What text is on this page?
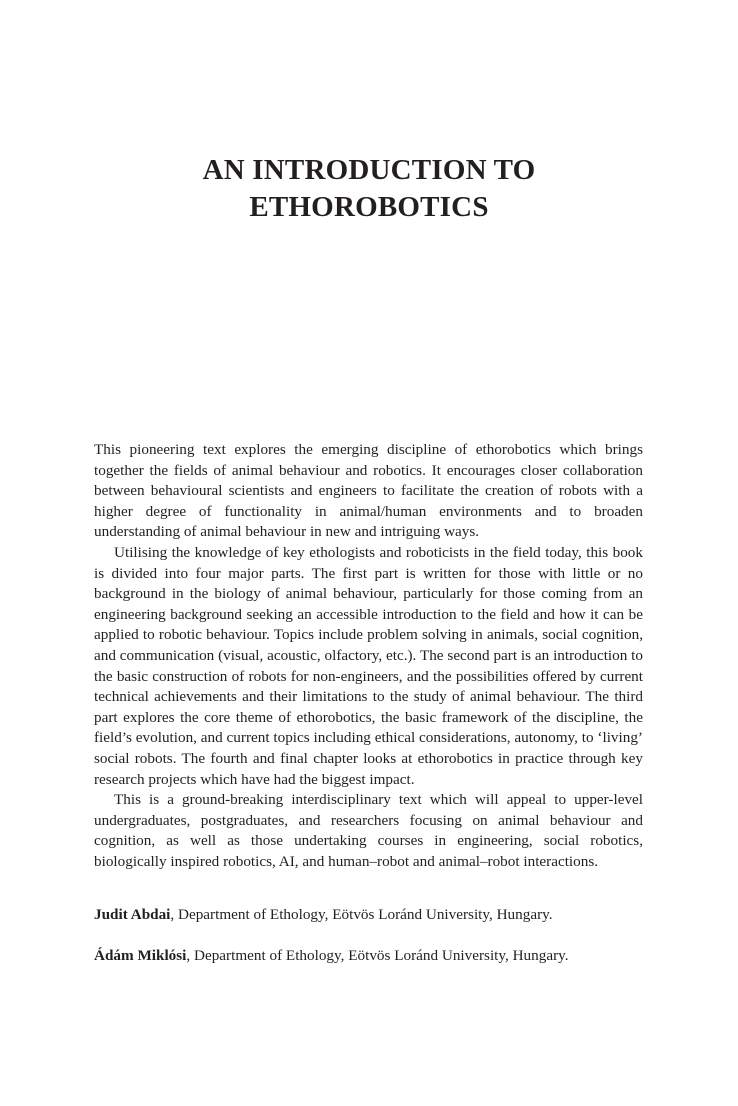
AN INTRODUCTION TO
ETHOROBOTICS

This pioneering text explores the emerging discipline of ethorobotics which brings together the fields of animal behaviour and robotics. It encourages closer collaboration between behavioural scientists and engineers to facilitate the creation of robots with a higher degree of functionality in animal/human environments and to broaden understanding of animal behaviour in new and intriguing ways.

Utilising the knowledge of key ethologists and roboticists in the field today, this book is divided into four major parts. The first part is written for those with little or no background in the biology of animal behaviour, particularly for those coming from an engineering background seeking an accessible introduction to the field and how it can be applied to robotic behaviour. Topics include problem solving in animals, social cognition, and communication (visual, acoustic, olfactory, etc.). The second part is an introduction to the basic construction of robots for non-engineers, and the possibilities offered by current technical achievements and their limitations to the study of animal behaviour. The third part explores the core theme of ethorobotics, the basic framework of the discipline, the field’s evolution, and current topics including ethical considerations, autonomy, to ‘living’ social robots. The fourth and final chapter looks at ethorobotics in practice through key research projects which have had the biggest impact.

This is a ground-breaking interdisciplinary text which will appeal to upper-level undergraduates, postgraduates, and researchers focusing on animal behaviour and cognition, as well as those undertaking courses in engineering, social robotics, biologically inspired robotics, AI, and human–robot and animal–robot interactions.

Judit Abdai, Department of Ethology, Eötvös Loránd University, Hungary.

Ádám Miklósi, Department of Ethology, Eötvös Loránd University, Hungary.
